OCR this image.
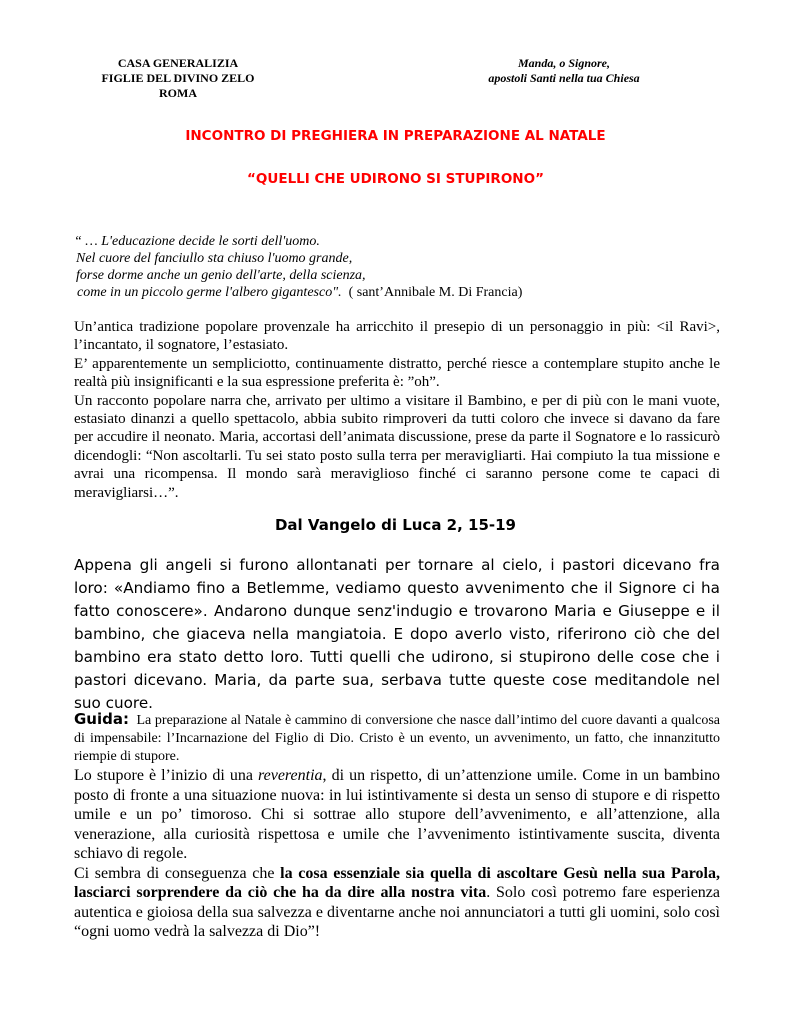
CASA GENERALIZIA
FIGLIE DEL DIVINO ZELO
ROMA
Manda, o Signore,
apostoli Santi nella tua Chiesa
INCONTRO DI PREGHIERA IN PREPARAZIONE AL NATALE
“QUELLI CHE UDIRONO SI STUPIRONO”
“ … L'educazione decide le sorti dell'uomo.
Nel cuore del fanciullo sta chiuso l'uomo grande,
forse dorme anche un genio dell'arte, della scienza,
come in un piccolo germe l'albero gigantesco". ( sant’Annibale M. Di Francia)

Un’antica tradizione popolare provenzale ha arricchito il presepio di un personaggio in più: <il Ravi>, l’incantato, il sognatore, l’estasiato.

E’ apparentemente un sempliciotto, continuamente distratto, perché riesce a contemplare stupito anche le realtà più insignificanti e la sua espressione preferita è: ”oh”.

Un racconto popolare narra che, arrivato per ultimo a visitare il Bambino, e per di più con le mani vuote, estasiato dinanzi a quello spettacolo, abbia subito rimproveri da tutti coloro che invece si davano da fare per accudire il neonato. Maria, accortasi dell’animata discussione, prese da parte il Sognatore e lo rassicurò dicendogli: “Non ascoltarli. Tu sei stato posto sulla terra per meravigliarti. Hai compiuto la tua missione e avrai una ricompensa. Il mondo sarà meraviglioso finché ci saranno persone come te capaci di meravigliarsi…”.

Dal Vangelo di Luca 2, 15-19
Appena gli angeli si furono allontanati per tornare al cielo, i pastori dicevano fra loro: «Andiamo fino a Betlemme, vediamo questo avvenimento che il Signore ci ha fatto conoscere». Andarono dunque senz'indugio e trovarono Maria e Giuseppe e il bambino, che giaceva nella mangiatoia. E dopo averlo visto, riferirono ciò che del bambino era stato detto loro. Tutti quelli che udirono, si stupirono delle cose che i pastori dicevano. Maria, da parte sua, serbava tutte queste cose meditandole nel suo cuore.

Guida: La preparazione al Natale è cammino di conversione che nasce dall’intimo del cuore davanti a qualcosa di impensabile: l’Incarnazione del Figlio di Dio. Cristo è un evento, un avvenimento, un fatto, che innanzitutto riempie di stupore.

Lo stupore è l’inizio di una reverentia, di un rispetto, di un’attenzione umile. Come in un bambino posto di fronte a una situazione nuova: in lui istintivamente si desta un senso di stupore e di rispetto umile e un po’ timoroso. Chi si sottrae allo stupore dell’avvenimento, e all’attenzione, alla venerazione, alla curiosità rispettosa e umile che l’avvenimento istintivamente suscita, diventa schiavo di regole.

Ci sembra di conseguenza che la cosa essenziale sia quella di ascoltare Gesù nella sua Parola, lasciarci sorprendere da ciò che ha da dire alla nostra vita. Solo così potremo fare esperienza autentica e gioiosa della sua salvezza e diventarne anche noi annunciatori a tutti gli uomini, solo così “ogni uomo vedrà la salvezza di Dio”!
